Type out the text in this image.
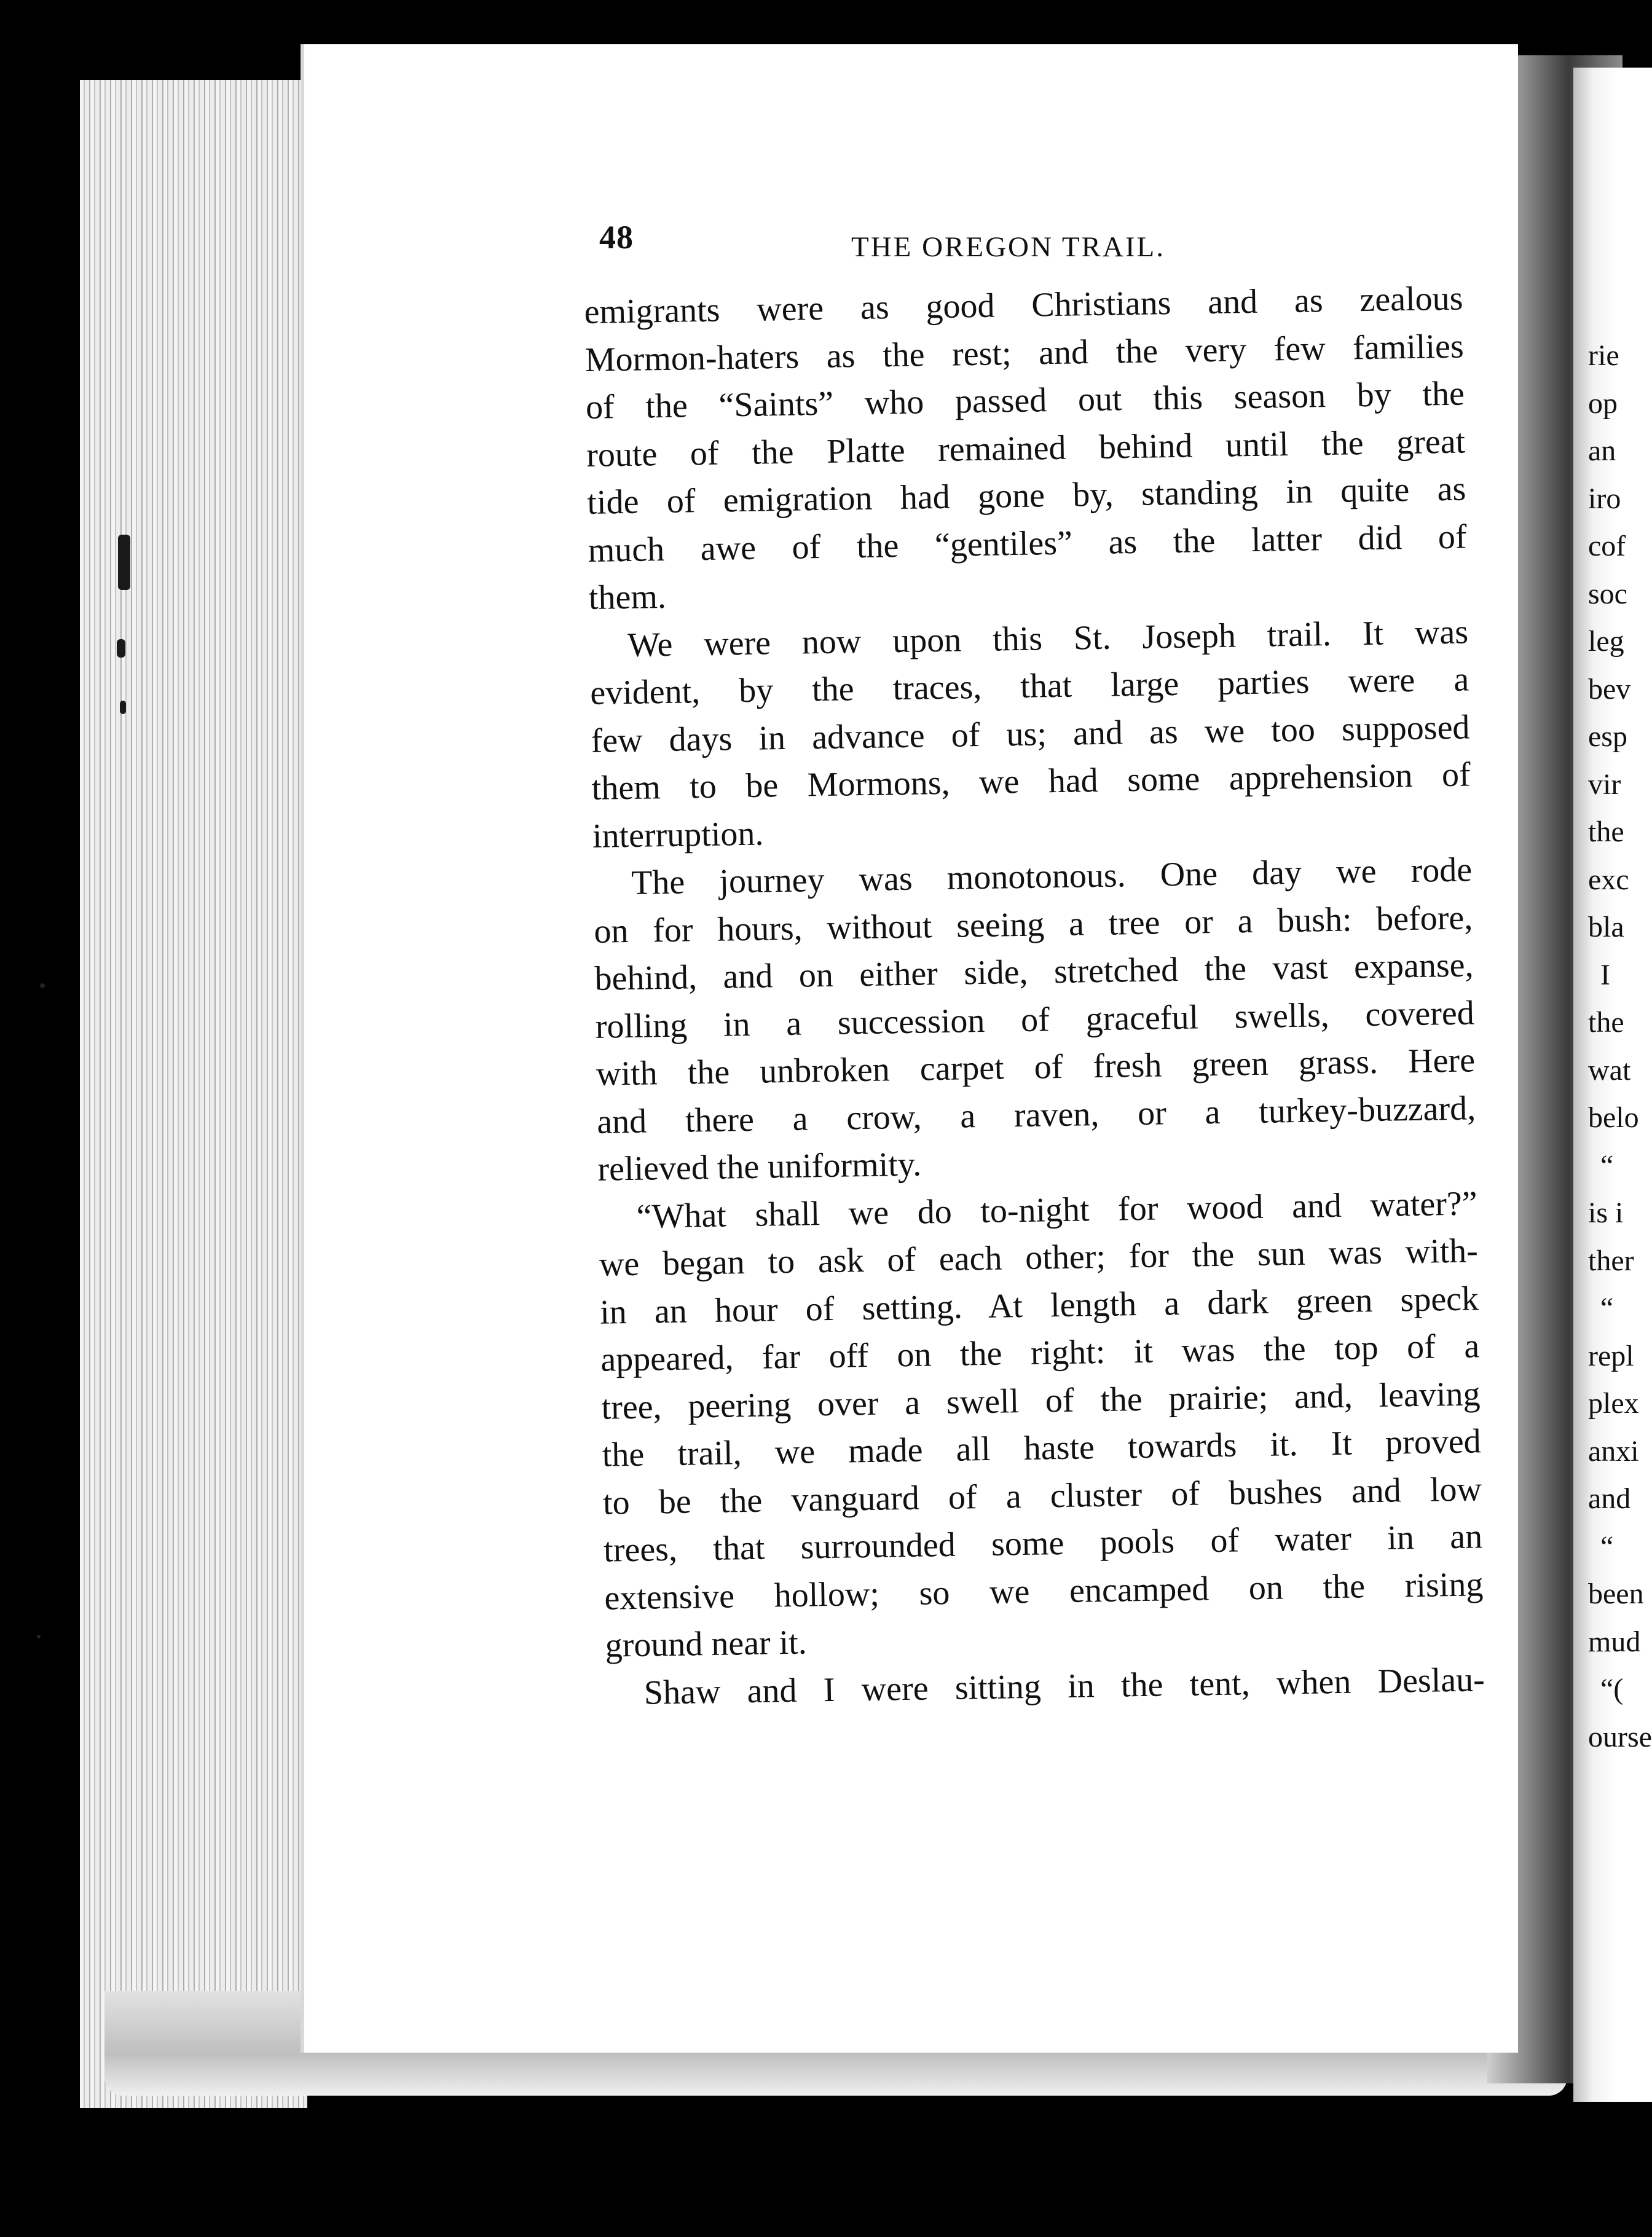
rie
op
an
iro
cof
soc
leg
bev
esp
vir
the
exc
bla
I
the
wat
belo
“
is i
ther
“
repl
plex
anxi
and
“
been
mud
“(
ourse
48	THE OREGON TRAIL.
emigrants were as good Christians and as zealous
Mormon-haters as the rest; and the very few families
of the “Saints” who passed out this season by the
route of the Platte remained behind until the great
tide of emigration had gone by, standing in quite as
much awe of the “gentiles” as the latter did of
them.
We were now upon this St. Joseph trail. It was
evident, by the traces, that large parties were a
few days in advance of us; and as we too supposed
them to be Mormons, we had some apprehension of
interruption.
The journey was monotonous. One day we rode
on for hours, without seeing a tree or a bush: before,
behind, and on either side, stretched the vast expanse,
rolling in a succession of graceful swells, covered
with the unbroken carpet of fresh green grass. Here
and there a crow, a raven, or a turkey-buzzard,
relieved the uniformity.
“What shall we do to-night for wood and water?”
we began to ask of each other; for the sun was with-
in an hour of setting. At length a dark green speck
appeared, far off on the right: it was the top of a
tree, peering over a swell of the prairie; and, leaving
the trail, we made all haste towards it. It proved
to be the vanguard of a cluster of bushes and low
trees, that surrounded some pools of water in an
extensive hollow; so we encamped on the rising
ground near it.
Shaw and I were sitting in the tent, when Deslau-
